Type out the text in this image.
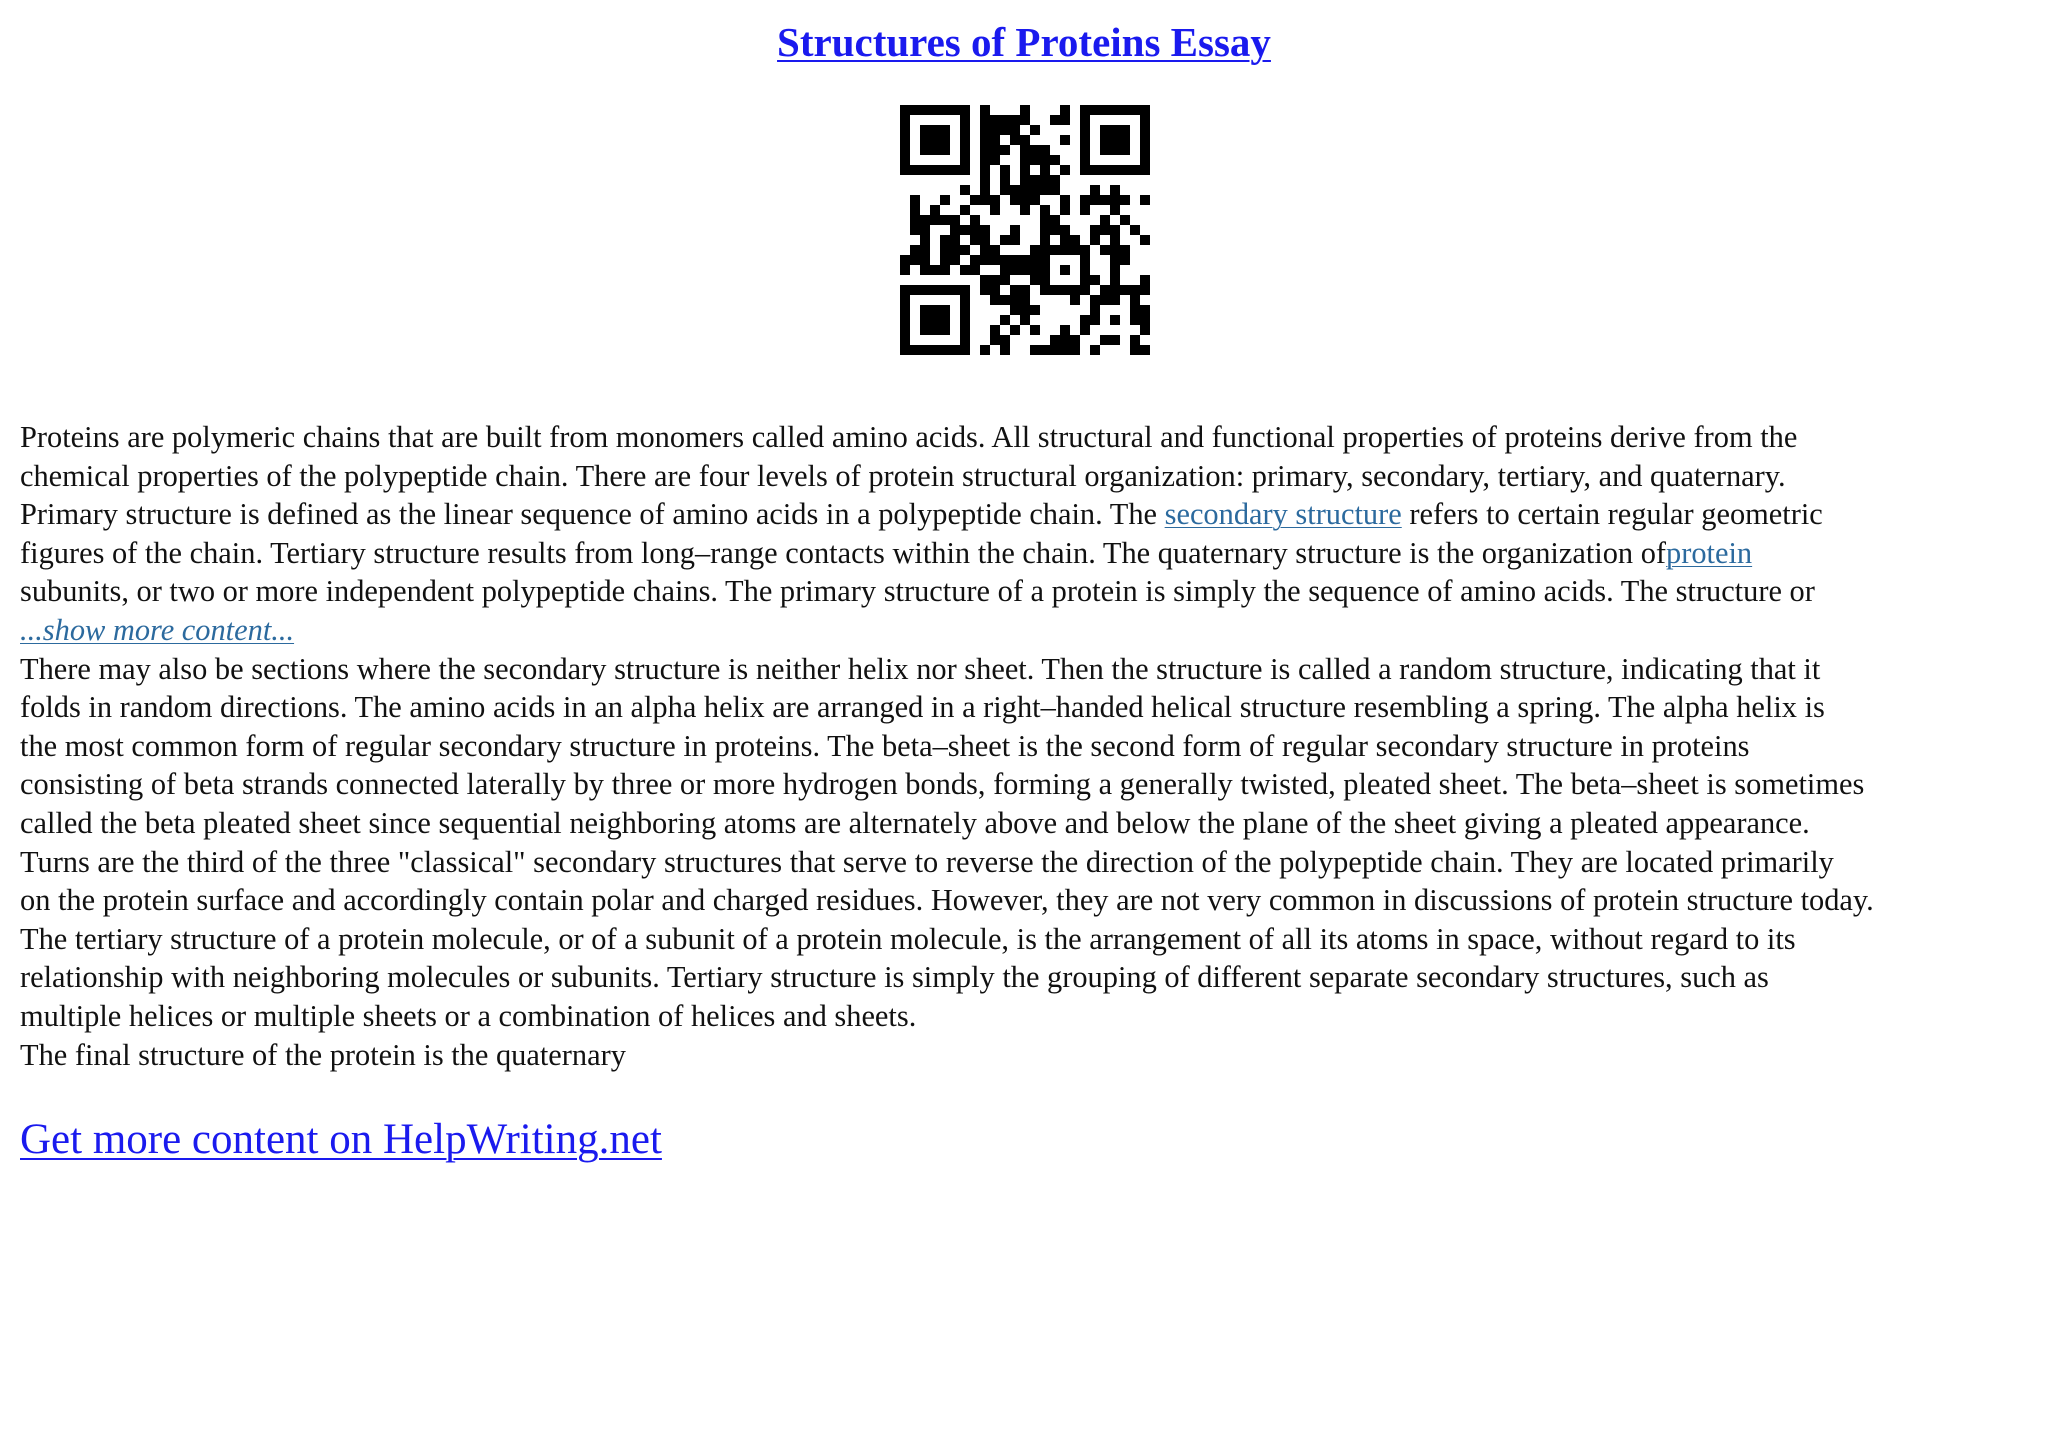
Structures of Proteins Essay
Proteins are polymeric chains that are built from monomers called amino acids. All structural and functional properties of proteins derive from the
chemical properties of the polypeptide chain. There are four levels of protein structural organization: primary, secondary, tertiary, and quaternary.
Primary structure is defined as the linear sequence of amino acids in a polypeptide chain. The secondary structure refers to certain regular geometric
figures of the chain. Tertiary structure results from long–range contacts within the chain. The quaternary structure is the organization ofprotein
subunits, or two or more independent polypeptide chains. The primary structure of a protein is simply the sequence of amino acids. The structure or
...show more content...
There may also be sections where the secondary structure is neither helix nor sheet. Then the structure is called a random structure, indicating that it
folds in random directions. The amino acids in an alpha helix are arranged in a right–handed helical structure resembling a spring. The alpha helix is
the most common form of regular secondary structure in proteins. The beta–sheet is the second form of regular secondary structure in proteins
consisting of beta strands connected laterally by three or more hydrogen bonds, forming a generally twisted, pleated sheet. The beta–sheet is sometimes
called the beta pleated sheet since sequential neighboring atoms are alternately above and below the plane of the sheet giving a pleated appearance.
Turns are the third of the three "classical" secondary structures that serve to reverse the direction of the polypeptide chain. They are located primarily
on the protein surface and accordingly contain polar and charged residues. However, they are not very common in discussions of protein structure today.
The tertiary structure of a protein molecule, or of a subunit of a protein molecule, is the arrangement of all its atoms in space, without regard to its
relationship with neighboring molecules or subunits. Tertiary structure is simply the grouping of different separate secondary structures, such as
multiple helices or multiple sheets or a combination of helices and sheets.
The final structure of the protein is the quaternary
Get more content on HelpWriting.net
